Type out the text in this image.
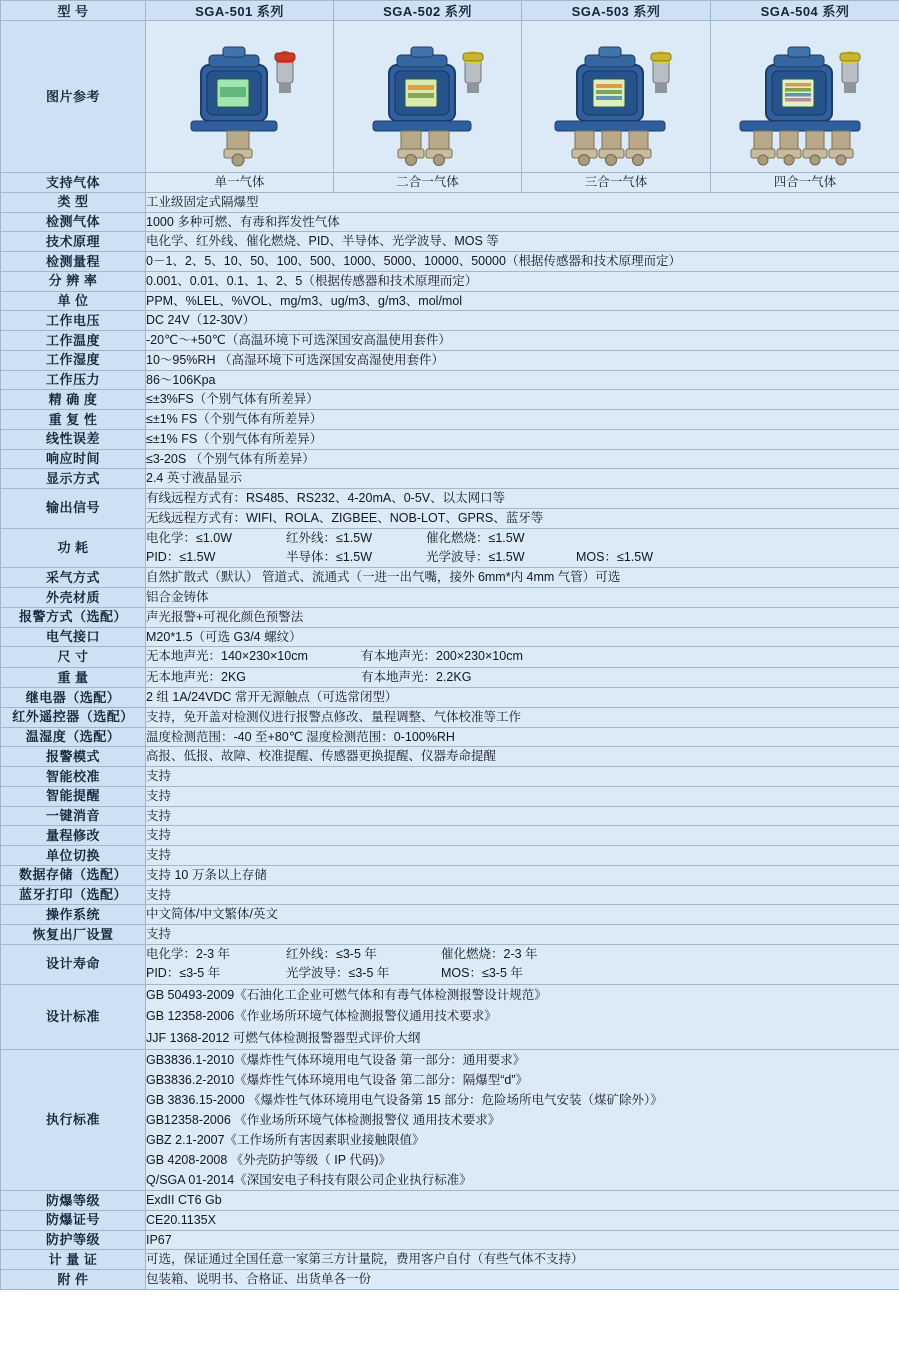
型 号	SGA-501 系列	SGA-502 系列	SGA-503 系列	SGA-504 系列
图片参考	

支持气体	单一气体	二合一气体	三合一气体	四合一气体
类 型	工业级固定式隔爆型			
检测气体	1000 多种可燃、有毒和挥发性气体			
技术原理	电化学、红外线、催化燃烧、PID、半导体、光学波导、MOS 等			
检测量程	0－1、2、5、10、50、100、500、1000、5000、10000、50000（根据传感器和技术原理而定）			
分 辨 率	0.001、0.01、0.1、1、2、5（根据传感器和技术原理而定）			
单 位	PPM、%LEL、%VOL、mg/m3、ug/m3、g/m3、mol/mol			
工作电压	DC 24V（12-30V）			
工作温度	-20℃～+50℃（高温环境下可选深国安高温使用套件）			
工作湿度	10～95%RH （高湿环境下可选深国安高湿使用套件）			
工作压力	86～106Kpa			
精 确 度	≤±3%FS（个别气体有所差异）			
重 复 性	≤±1% FS（个别气体有所差异）			
线性误差	≤±1% FS（个别气体有所差异）			
响应时间	≤3-20S （个别气体有所差异）			
显示方式	2.4 英寸液晶显示			
输出信号	有线远程方式有：RS485、RS232、4-20mA、0-5V、以太网口等			
	无线远程方式有：WIFI、ROLA、ZIGBEE、NOB-LOT、GPRS、蓝牙等			
功 耗	
电化学：≤1.0W	红外线：≤1.5W	催化燃烧：≤1.5W
PID：≤1.5W	半导体：≤1.5W	光学波导：≤1.5W	MOS：≤1.5W

采气方式	自然扩散式（默认） 管道式、流通式（一进一出气嘴，接外 6mm*内 4mm 气管）可选			
外壳材质	铝合金铸体			
报警方式（选配）	声光报警+可视化颜色预警法			
电气接口	M20*1.5（可选 G3/4 螺纹）			
尺 寸	无本地声光：140×230×10cm 有本地声光：200×230×10cm			

重 量	无本地声光：2KG 有本地声光：2.2KG			

继电器（选配）	2 组 1A/24VDC 常开无源触点（可选常闭型）			
红外遥控器（选配）	支持，免开盖对检测仪进行报警点修改、量程调整、气体校准等工作			
温湿度（选配）	温度检测范围：-40 至+80℃ 湿度检测范围：0-100%RH			
报警模式	高报、低报、故障、校准提醒、传感器更换提醒、仪器寿命提醒			
智能校准	支持			
智能提醒	支持			
一键消音	支持			
量程修改	支持			
单位切换	支持			
数据存储（选配）	支持 10 万条以上存储			
蓝牙打印（选配）	支持			
操作系统	中文简体/中文繁体/英文			
恢复出厂设置	支持			
设计寿命	
电化学：2-3 年	红外线：≤3-5 年	催化燃烧：2-3 年
PID：≤3-5 年	光学波导：≤3-5 年	MOS：≤3-5 年

设计标准	GB 50493-2009《石油化工企业可燃气体和有毒气体检测报警设计规范》
GB 12358-2006《作业场所环境气体检测报警仪通用技术要求》
JJF 1368-2012 可燃气体检测报警器型式评价大纲			

执行标准	
GB3836.1-2010《爆炸性气体环境用电气设备 第一部分：通用要求》
GB3836.2-2010《爆炸性气体环境用电气设备 第二部分：隔爆型“d”》
GB 3836.15-2000 《爆炸性气体环境用电气设备第 15 部分：危险场所电气安装（煤矿除外）》
GB12358-2006 《作业场所环境气体检测报警仪 通用技术要求》
GBZ 2.1-2007《工作场所有害因素职业接触限值》
GB 4208-2008 《外壳防护等级（ IP 代码)》
Q/SGA 01-2014《深国安电子科技有限公司企业执行标准》

防爆等级	ExdII CT6 Gb			
防爆证号	CE20.1135X			
防护等级	IP67			
计 量 证	可选，保证通过全国任意一家第三方计量院，费用客户自付（有些气体不支持）			
附 件	包装箱、说明书、合格证、出货单各一份			
